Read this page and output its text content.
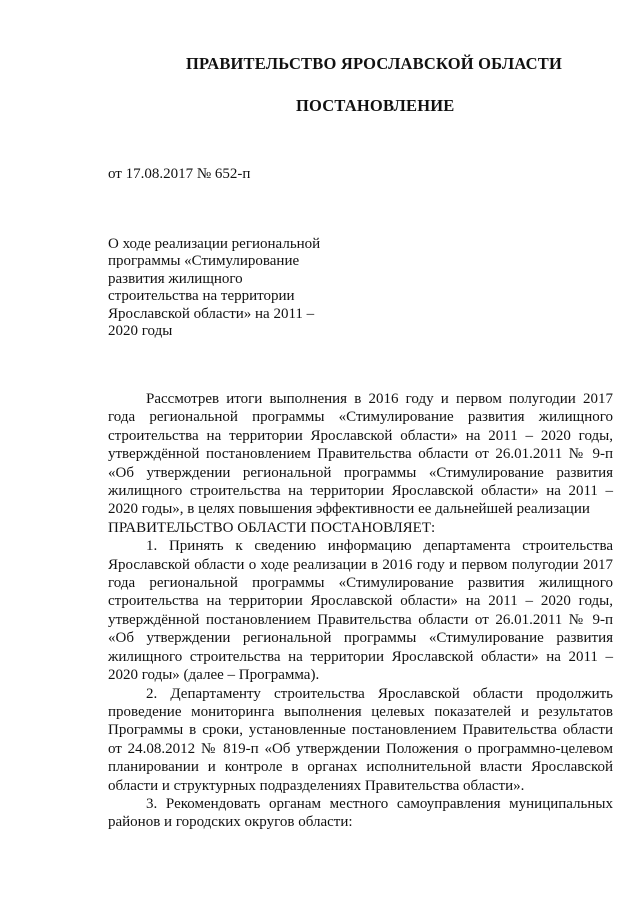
ПРАВИТЕЛЬСТВО ЯРОСЛАВСКОЙ ОБЛАСТИ
ПОСТАНОВЛЕНИЕ
от 17.08.2017 № 652-п
О ходе реализации региональной
программы «Стимулирование
развития жилищного
строительства на территории
Ярославской области» на 2011 –
2020 годы

Рассмотрев итоги выполнения в 2016 году и первом полугодии 2017 года региональной программы «Стимулирование развития жилищного строительства на территории Ярославской области» на 2011 – 2020 годы, утверждённой постановлением Правительства области от 26.01.2011 № 9-п «Об утверждении региональной программы «Стимулирование развития жилищного строительства на территории Ярославской области» на 2011 – 2020 годы», в целях повышения эффективности ее дальнейшей реализации

ПРАВИТЕЛЬСТВО ОБЛАСТИ ПОСТАНОВЛЯЕТ:

1. Принять к сведению информацию департамента строительства Ярославской области о ходе реализации в 2016 году и первом полугодии 2017 года региональной программы «Стимулирование развития жилищного строительства на территории Ярославской области» на 2011 – 2020 годы, утверждённой постановлением Правительства области от 26.01.2011 № 9-п «Об утверждении региональной программы «Стимулирование развития жилищного строительства на территории Ярославской области» на 2011 – 2020 годы» (далее – Программа).

2. Департаменту строительства Ярославской области продолжить проведение мониторинга выполнения целевых показателей и результатов Программы в сроки, установленные постановлением Правительства области от 24.08.2012 № 819-п «Об утверждении Положения о программно-целевом планировании и контроле в органах исполнительной власти Ярославской области и структурных подразделениях Правительства области».

3. Рекомендовать органам местного самоуправления муниципальных районов и городских округов области:
